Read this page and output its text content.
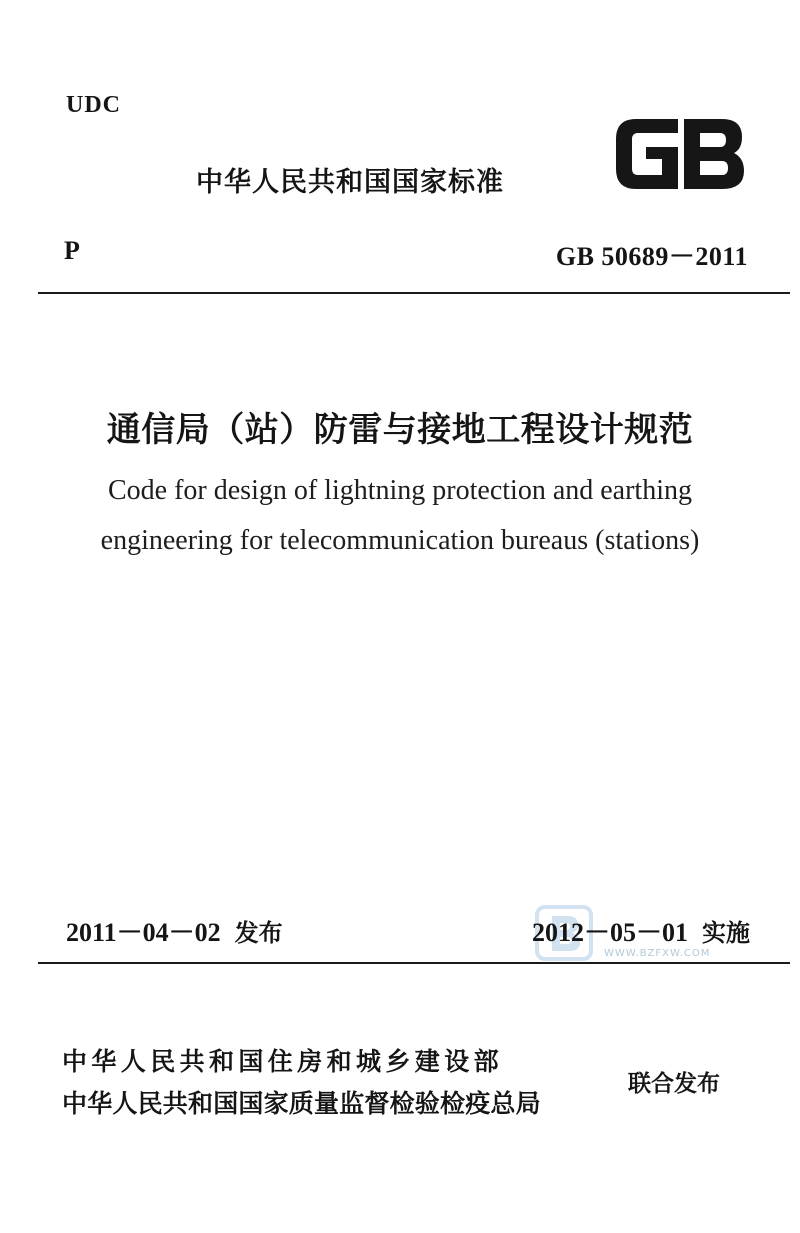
UDC
中华人民共和国国家标准
P	GB 50689－2011
通信局（站）防雷与接地工程设计规范
Code for design of lightning protection and earthing
engineering for telecommunication bureaus (stations)
2011－04－02 发布
WWW.BZFXW.COM
2012－05－01 实施
中华人民共和国住房和城乡建设部
中华人民共和国国家质量监督检验检疫总局
联合发布
